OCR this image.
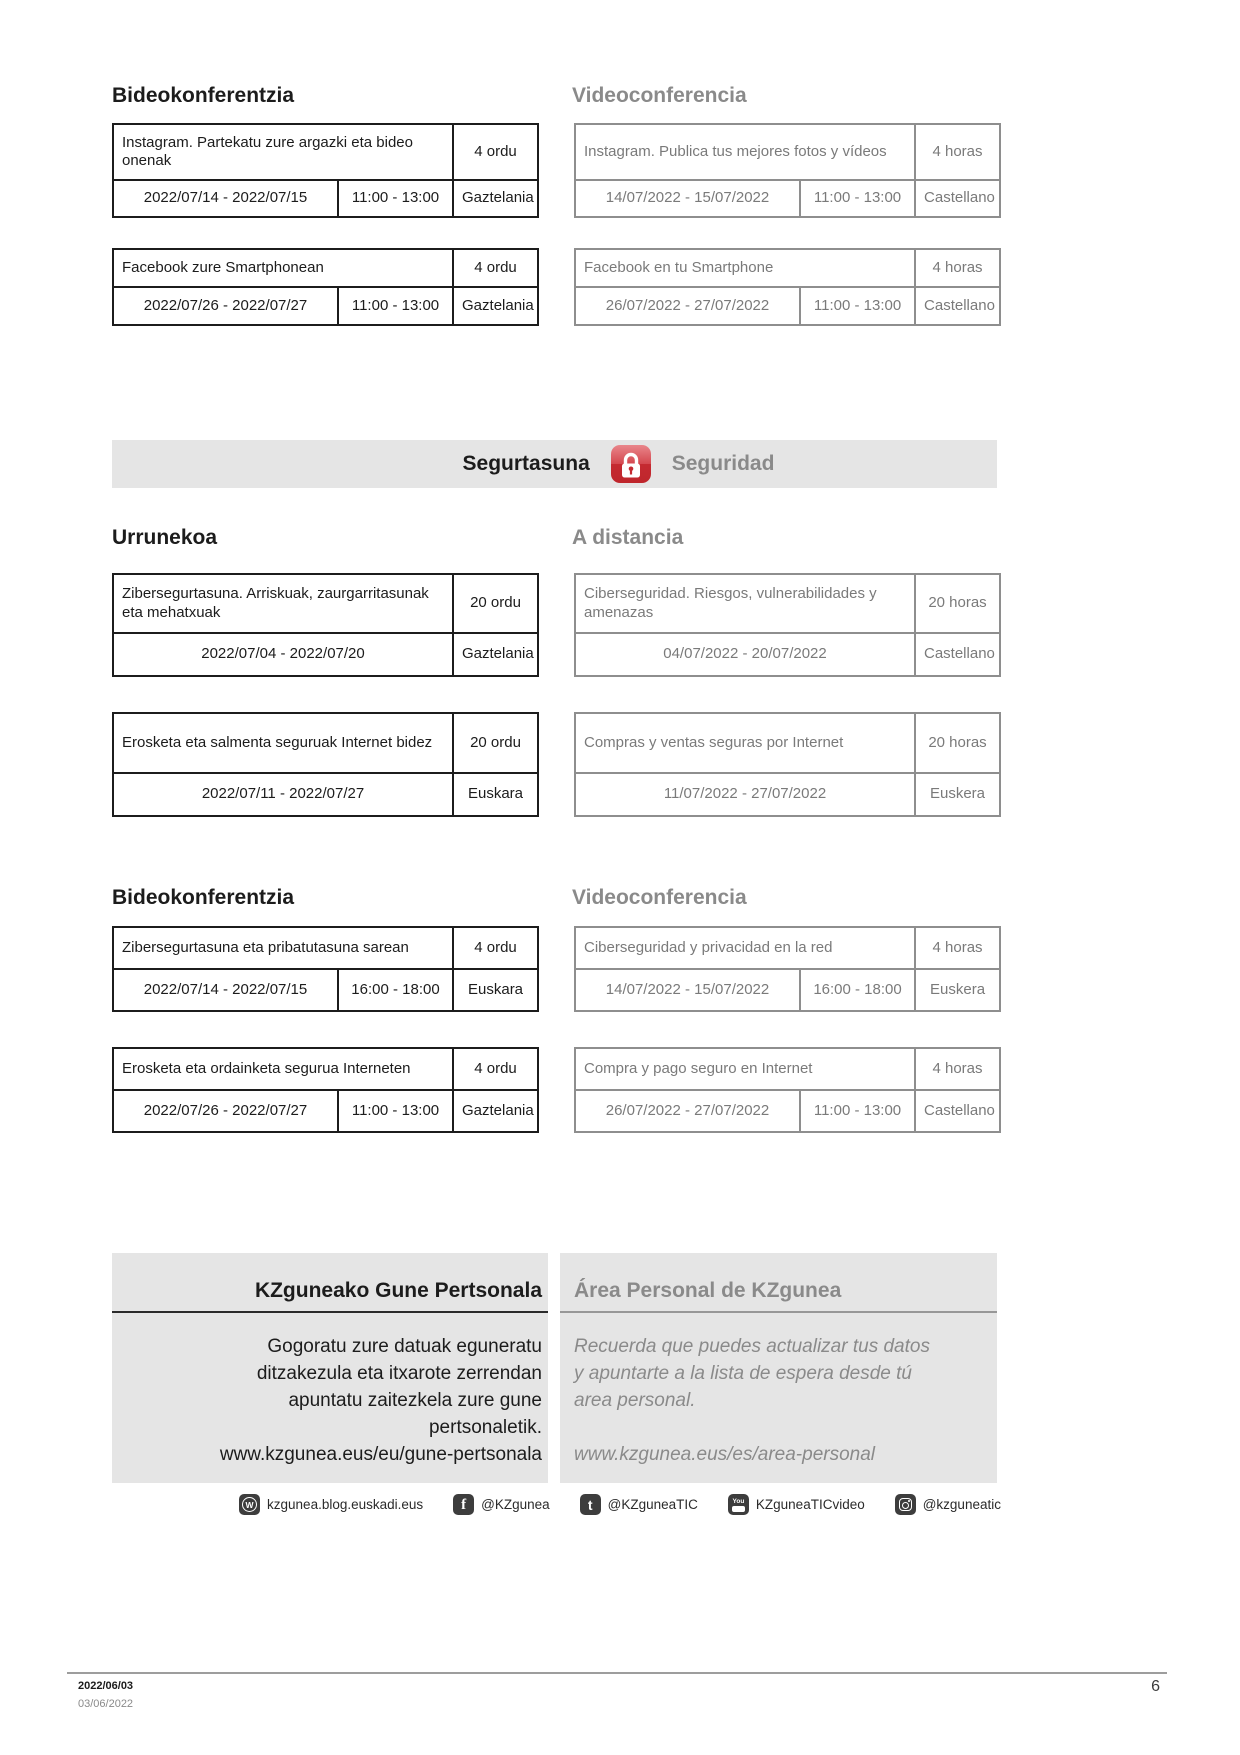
Bideokonferentzia	Videoconferencia
Instagram. Partekatu zure argazki eta bideo onenak		4 ordu
2022/07/14 - 2022/07/15	11:00 - 13:00	Gaztelania
Instagram. Publica tus mejores fotos y vídeos		4 horas
14/07/2022 - 15/07/2022	11:00 - 13:00	Castellano
Facebook zure Smartphonean		4 ordu
2022/07/26 - 2022/07/27	11:00 - 13:00	Gaztelania
Facebook en tu Smartphone		4 horas
26/07/2022 - 27/07/2022	11:00 - 13:00	Castellano
Segurtasuna	Seguridad
Urrunekoa	A distancia
Zibersegurtasuna. Arriskuak, zaurgarritasunak eta mehatxuak	20 ordu
2022/07/04 - 2022/07/20	Gaztelania
Ciberseguridad. Riesgos, vulnerabilidades y amenazas	20 horas
04/07/2022 - 20/07/2022	Castellano
Erosketa eta salmenta seguruak Internet bidez	20 ordu
2022/07/11 - 2022/07/27	Euskara
Compras y ventas seguras por Internet	20 horas
11/07/2022 - 27/07/2022	Euskera
Bideokonferentzia	Videoconferencia
Zibersegurtasuna eta pribatutasuna sarean		4 ordu
2022/07/14 - 2022/07/15	16:00 - 18:00	Euskara
Ciberseguridad y privacidad en la red		4 horas
14/07/2022 - 15/07/2022	16:00 - 18:00	Euskera
Erosketa eta ordainketa segurua Interneten		4 ordu
2022/07/26 - 2022/07/27	11:00 - 13:00	Gaztelania
Compra y pago seguro en Internet		4 horas
26/07/2022 - 27/07/2022	11:00 - 13:00	Castellano
KZguneako Gune Pertsonala
Gogoratu zure datuak eguneratu ditzakezula eta itxarote zerrendan apuntatu zaitezkela zure gune pertsonaletik.
www.kzgunea.eus/eu/gune-pertsonala
Área Personal de KZgunea
Recuerda que puedes actualizar tus datos y apuntarte a la lista de espera desde tú area personal.
www.kzgunea.eus/es/area-personal
W kzgunea.blog.euskadi.eus	f @KZgunea	t @KZguneaTIC	You KZguneaTICvideo	@kzguneatic
2022/06/03
03/06/2022
6
